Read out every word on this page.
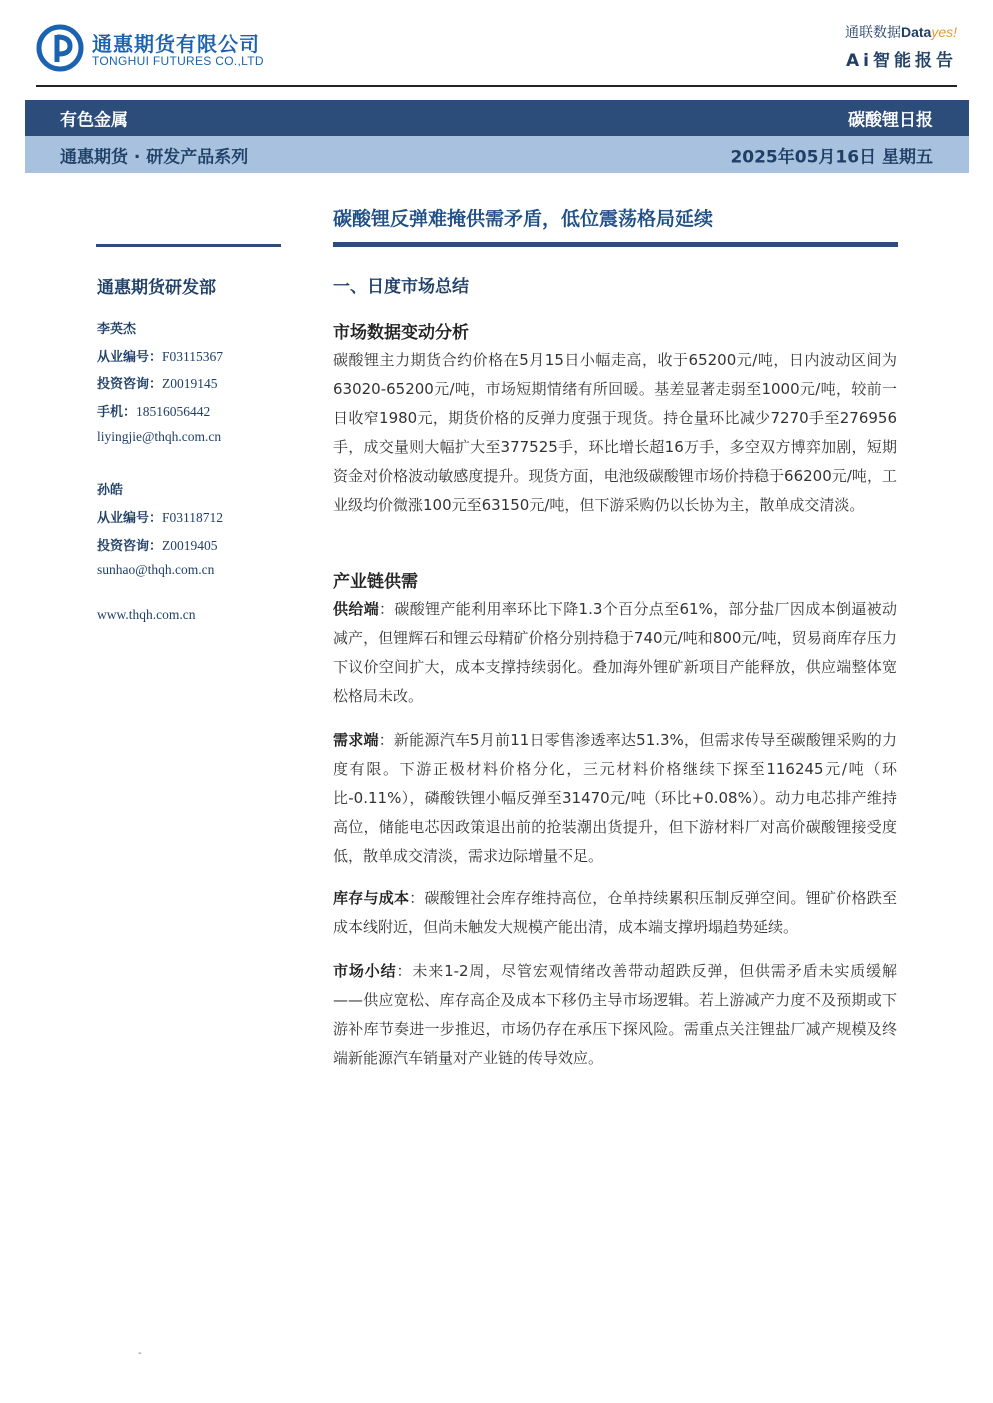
通惠期货有限公司
TONGHUI FUTURES CO.,LTD
通联数据Datayes!
Ai智能报告
有色金属	碳酸锂日报
通惠期货 · 研发产品系列	2025年05月16日 星期五
碳酸锂反弹难掩供需矛盾，低位震荡格局延续
通惠期货研发部
李英杰
从业编号：F03115367
投资咨询：Z0019145
手机：18516056442
liyingjie@thqh.com.cn
孙皓
从业编号：F03118712
投资咨询：Z0019405
sunhao@thqh.com.cn
www.thqh.com.cn
一、日度市场总结
市场数据变动分析
碳酸锂主力期货合约价格在5月15日小幅走高，收于65200元/吨，日内波动区间为63020-65200元/吨，市场短期情绪有所回暖。基差显著走弱至1000元/吨，较前一日收窄1980元，期货价格的反弹力度强于现货。持仓量环比减少7270手至276956手，成交量则大幅扩大至377525手，环比增长超16万手，多空双方博弈加剧，短期资金对价格波动敏感度提升。现货方面，电池级碳酸锂市场价持稳于66200元/吨，工业级均价微涨100元至63150元/吨，但下游采购仍以长协为主，散单成交清淡。
产业链供需
供给端：碳酸锂产能利用率环比下降1.3个百分点至61%，部分盐厂因成本倒逼被动减产，但锂辉石和锂云母精矿价格分别持稳于740元/吨和800元/吨，贸易商库存压力下议价空间扩大，成本支撑持续弱化。叠加海外锂矿新项目产能释放，供应端整体宽松格局未改。
需求端：新能源汽车5月前11日零售渗透率达51.3%，但需求传导至碳酸锂采购的力度有限。下游正极材料价格分化，三元材料价格继续下探至116245元/吨（环比-0.11%），磷酸铁锂小幅反弹至31470元/吨（环比+0.08%）。动力电芯排产维持高位，储能电芯因政策退出前的抢装潮出货提升，但下游材料厂对高价碳酸锂接受度低，散单成交清淡，需求边际增量不足。
库存与成本：碳酸锂社会库存维持高位，仓单持续累积压制反弹空间。锂矿价格跌至成本线附近，但尚未触发大规模产能出清，成本端支撑坍塌趋势延续。
市场小结：未来1-2周，尽管宏观情绪改善带动超跌反弹，但供需矛盾未实质缓解——供应宽松、库存高企及成本下移仍主导市场逻辑。若上游减产力度不及预期或下游补库节奏进一步推迟，市场仍存在承压下探风险。需重点关注锂盐厂减产规模及终端新能源汽车销量对产业链的传导效应。
-
